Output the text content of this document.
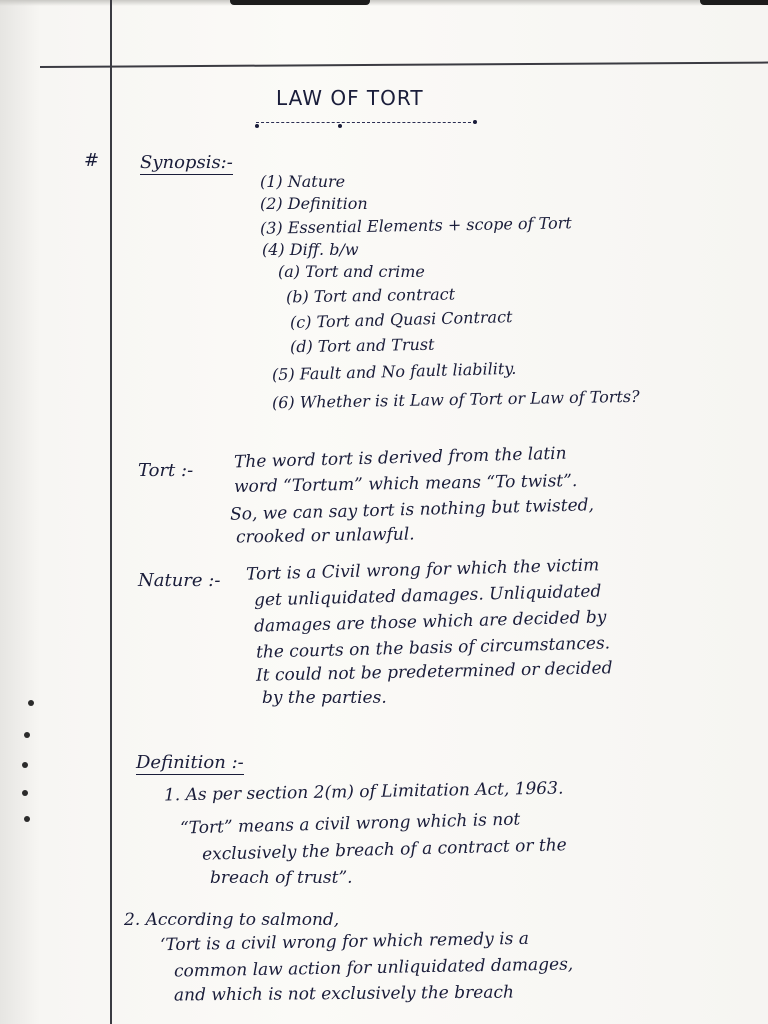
LAW OF TORT
# Synopsis:-
(1) Nature
(2) Definition
(3) Essential Elements + scope of Tort
(4) Diff. b/w
(a) Tort and crime
(b) Tort and contract
(c) Tort and Quasi Contract
(d) Tort and Trust
(5) Fault and No fault liability.
(6) Whether is it Law of Tort or Law of Torts?
Tort :- The word tort is derived from the latin
word “Tortum” which means “To twist”.
So, we can say tort is nothing but twisted,
crooked or unlawful.
Nature :- Tort is a Civil wrong for which the victim
get unliquidated damages. Unliquidated
damages are those which are decided by
the courts on the basis of circumstances.
It could not be predetermined or decided
by the parties.
Definition :-
1. As per section 2(m) of Limitation Act, 1963.
“Tort” means a civil wrong which is not
exclusively the breach of a contract or the
breach of trust”.
2. According to salmond,
‘Tort is a civil wrong for which remedy is a
common law action for unliquidated damages,
and which is not exclusively the breach
